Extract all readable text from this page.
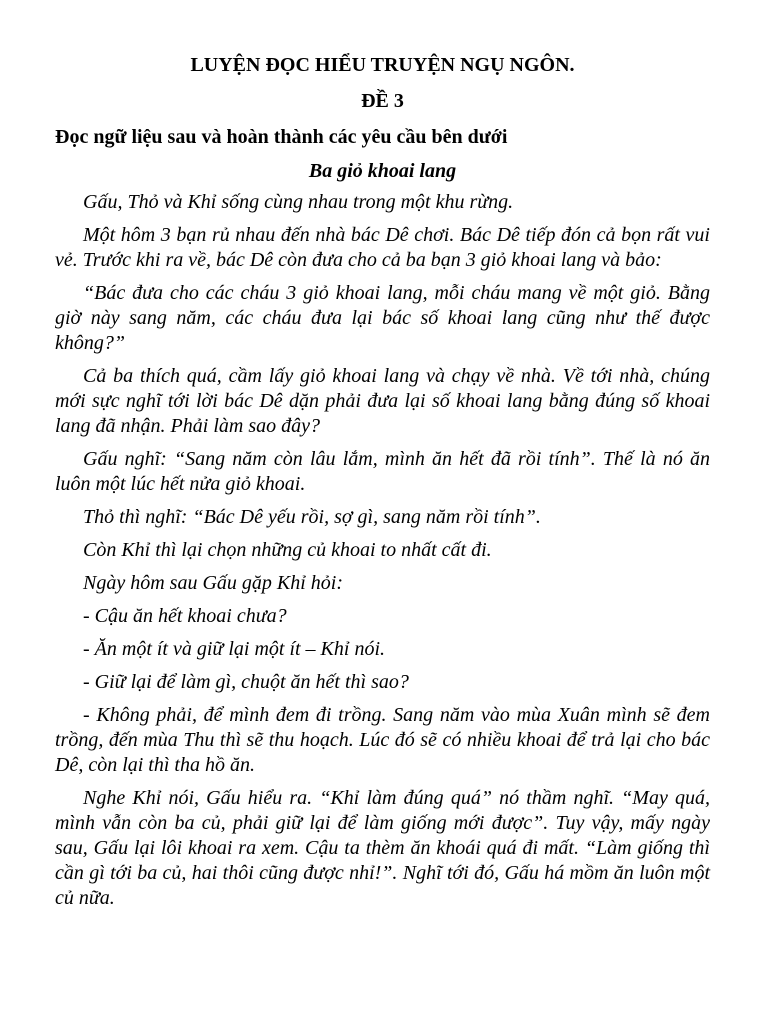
LUYỆN ĐỌC HIỂU TRUYỆN NGỤ NGÔN.
ĐỀ 3
Đọc ngữ liệu sau và hoàn thành các yêu cầu bên dưới
Ba giỏ khoai lang

Gấu, Thỏ và Khỉ sống cùng nhau trong một khu rừng.

Một hôm 3 bạn rủ nhau đến nhà bác Dê chơi. Bác Dê tiếp đón cả bọn rất vui vẻ. Trước khi ra về, bác Dê còn đưa cho cả ba bạn 3 giỏ khoai lang và bảo:

“Bác đưa cho các cháu 3 giỏ khoai lang, mỗi cháu mang về một giỏ. Bằng giờ này sang năm, các cháu đưa lại bác số khoai lang cũng như thế được không?”

Cả ba thích quá, cầm lấy giỏ khoai lang và chạy về nhà. Về tới nhà, chúng mới sực nghĩ tới lời bác Dê dặn phải đưa lại số khoai lang bằng đúng số khoai lang đã nhận. Phải làm sao đây?

Gấu nghĩ: “Sang năm còn lâu lắm, mình ăn hết đã rồi tính”. Thế là nó ăn luôn một lúc hết nửa giỏ khoai.

Thỏ thì nghĩ: “Bác Dê yếu rồi, sợ gì, sang năm rồi tính”.

Còn Khỉ thì lại chọn những củ khoai to nhất cất đi.

Ngày hôm sau Gấu gặp Khỉ hỏi:

- Cậu ăn hết khoai chưa?

- Ăn một ít và giữ lại một ít – Khỉ nói.

- Giữ lại để làm gì, chuột ăn hết thì sao?

- Không phải, để mình đem đi trồng. Sang năm vào mùa Xuân mình sẽ đem trồng, đến mùa Thu thì sẽ thu hoạch. Lúc đó sẽ có nhiều khoai để trả lại cho bác Dê, còn lại thì tha hồ ăn.

Nghe Khỉ nói, Gấu hiểu ra. “Khỉ làm đúng quá” nó thầm nghĩ. “May quá, mình vẫn còn ba củ, phải giữ lại để làm giống mới được”. Tuy vậy, mấy ngày sau, Gấu lại lôi khoai ra xem. Cậu ta thèm ăn khoái quá đi mất. “Làm giống thì cần gì tới ba củ, hai thôi cũng được nhỉ!”. Nghĩ tới đó, Gấu há mồm ăn luôn một củ nữa.
